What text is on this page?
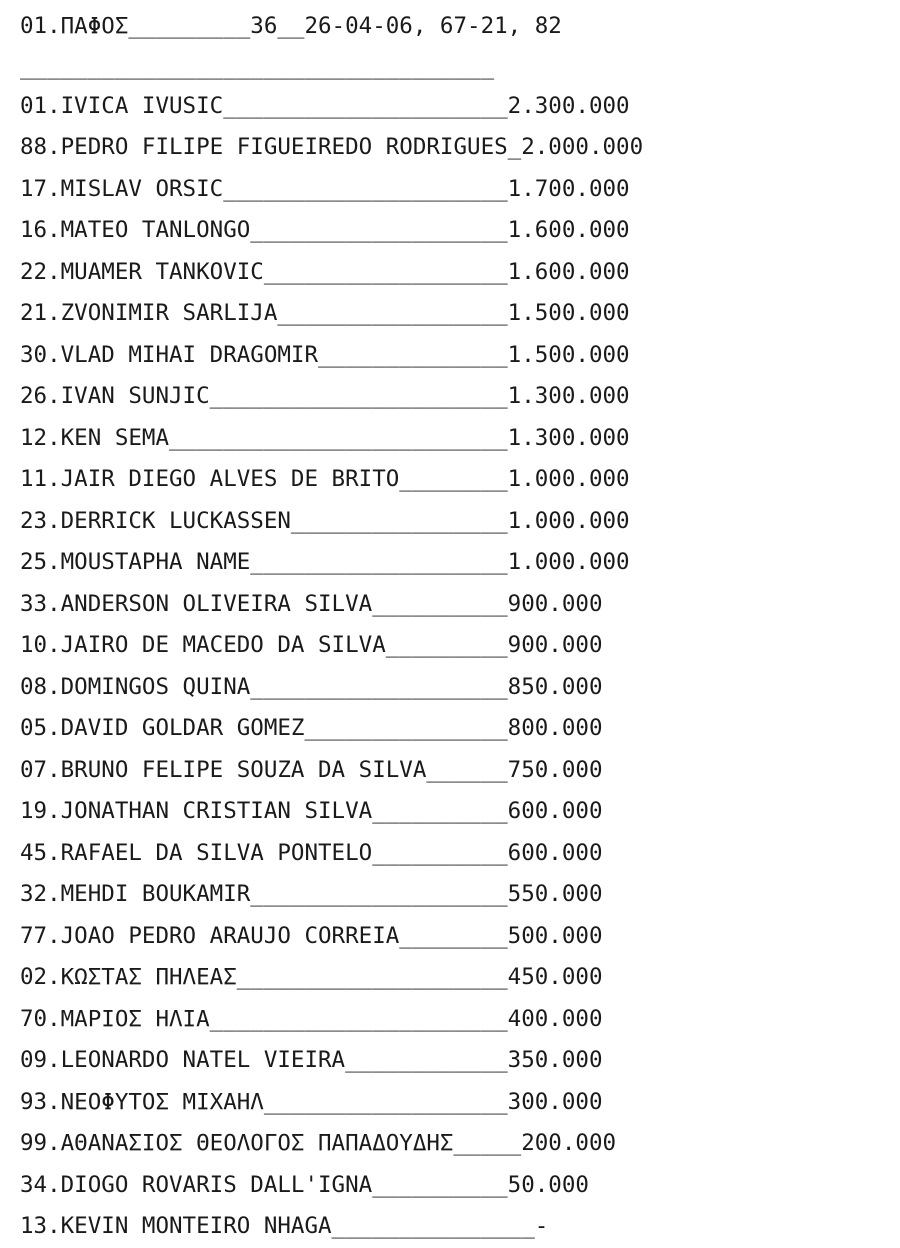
01.ΠΑΦΟΣ_________36__26-04-06, 67-21, 82
___________________________________
01.IVICA IVUSIC_____________________2.300.000
88.PEDRO FILIPE FIGUEIREDO RODRIGUES_2.000.000
17.MISLAV ORSIC_____________________1.700.000
16.MATEO TANLONGO___________________1.600.000
22.MUAMER TANKOVIC__________________1.600.000
21.ZVONIMIR SARLIJA_________________1.500.000
30.VLAD MIHAI DRAGOMIR______________1.500.000
26.IVAN SUNJIC______________________1.300.000
12.KEN SEMA_________________________1.300.000
11.JAIR DIEGO ALVES DE BRITO________1.000.000
23.DERRICK LUCKASSEN________________1.000.000
25.MOUSTAPHA NAME___________________1.000.000
33.ANDERSON OLIVEIRA SILVA__________900.000
10.JAIRO DE MACEDO DA SILVA_________900.000
08.DOMINGOS QUINA___________________850.000
05.DAVID GOLDAR GOMEZ_______________800.000
07.BRUNO FELIPE SOUZA DA SILVA______750.000
19.JONATHAN CRISTIAN SILVA__________600.000
45.RAFAEL DA SILVA PONTELO__________600.000
32.MEHDI BOUKAMIR___________________550.000
77.JOAO PEDRO ARAUJO CORREIA________500.000
02.ΚΩΣΤΑΣ ΠΗΛΕΑΣ____________________450.000
70.ΜΑΡΙΟΣ ΗΛΙΑ______________________400.000
09.LEONARDO NATEL VIEIRA____________350.000
93.ΝΕΟΦΥΤΟΣ ΜΙΧΑΗΛ__________________300.000
99.ΑΘΑΝΑΣΙΟΣ ΘΕΟΛΟΓΟΣ ΠΑΠΑΔΟΥΔΗΣ_____200.000
34.DIOGO ROVARIS DALL'IGNA__________50.000
13.KEVIN MONTEIRO NHAGA_______________-
